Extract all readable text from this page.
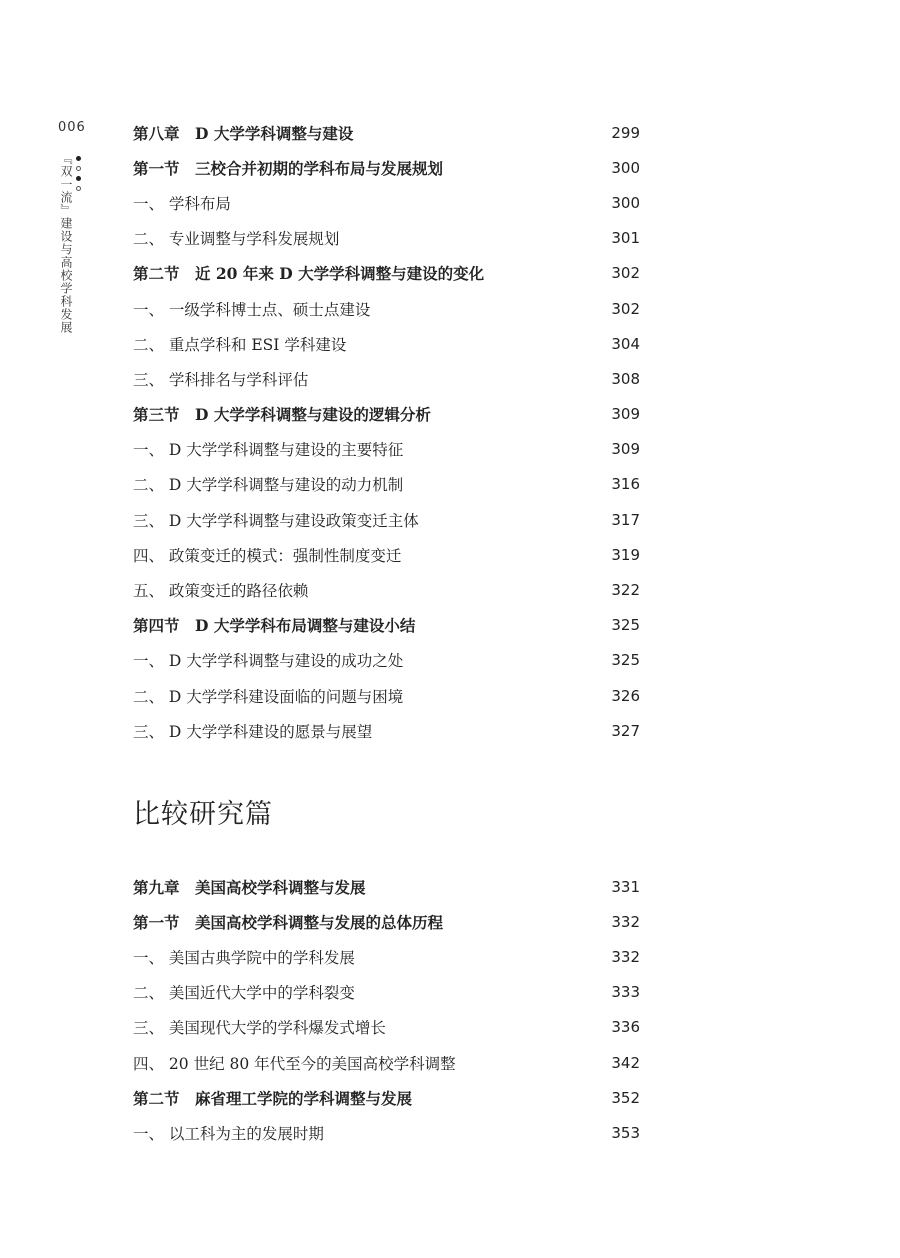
006
『双一流』建设与高校学科发展
第八章　D 大学学科调整与建设	299
第一节　三校合并初期的学科布局与发展规划	300
一、 学科布局	300
二、 专业调整与学科发展规划	301
第二节　近 20 年来 D 大学学科调整与建设的变化	302
一、 一级学科博士点、硕士点建设	302
二、 重点学科和 ESI 学科建设	304
三、 学科排名与学科评估	308
第三节　D 大学学科调整与建设的逻辑分析	309
一、 D 大学学科调整与建设的主要特征	309
二、 D 大学学科调整与建设的动力机制	316
三、 D 大学学科调整与建设政策变迁主体	317
四、 政策变迁的模式：强制性制度变迁	319
五、 政策变迁的路径依赖	322
第四节　D 大学学科布局调整与建设小结	325
一、 D 大学学科调整与建设的成功之处	325
二、 D 大学学科建设面临的问题与困境	326
三、 D 大学学科建设的愿景与展望	327
比较研究篇
第九章　美国高校学科调整与发展	331
第一节　美国高校学科调整与发展的总体历程	332
一、 美国古典学院中的学科发展	332
二、 美国近代大学中的学科裂变	333
三、 美国现代大学的学科爆发式增长	336
四、 20 世纪 80 年代至今的美国高校学科调整	342
第二节　麻省理工学院的学科调整与发展	352
一、 以工科为主的发展时期	353
